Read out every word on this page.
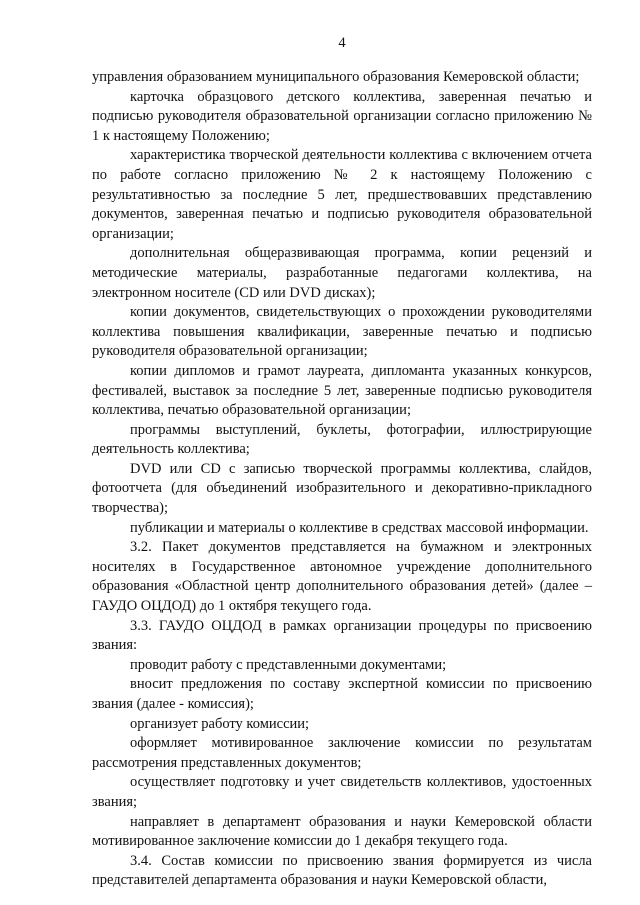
4

управления образованием муниципального образования Кемеровской области;

карточка образцового детского коллектива, заверенная печатью и подписью руководителя образовательной организации согласно приложению № 1 к настоящему Положению;

характеристика творческой деятельности коллектива с включением отчета по работе согласно приложению № 2 к настоящему Положению с результативностью за последние 5 лет, предшествовавших представлению документов, заверенная печатью и подписью руководителя образовательной организации;

дополнительная общеразвивающая программа, копии рецензий и методические материалы, разработанные педагогами коллектива, на электронном носителе (CD или DVD дисках);

копии документов, свидетельствующих о прохождении руководителями коллектива повышения квалификации, заверенные печатью и подписью руководителя образовательной организации;

копии дипломов и грамот лауреата, дипломанта указанных конкурсов, фестивалей, выставок за последние 5 лет, заверенные подписью руководителя коллектива, печатью образовательной организации;

программы выступлений, буклеты, фотографии, иллюстрирующие деятельность коллектива;

DVD или CD с записью творческой программы коллектива, слайдов, фотоотчета (для объединений изобразительного и декоративно-прикладного творчества);

публикации и материалы о коллективе в средствах массовой информации.

3.2. Пакет документов представляется на бумажном и электронных носителях в Государственное автономное учреждение дополнительного образования «Областной центр дополнительного образования детей» (далее – ГАУДО ОЦДОД) до 1 октября текущего года.

3.3. ГАУДО ОЦДОД в рамках организации процедуры по присвоению звания:

проводит работу с представленными документами;

вносит предложения по составу экспертной комиссии по присвоению звания (далее - комиссия);

организует работу комиссии;

оформляет мотивированное заключение комиссии по результатам рассмотрения представленных документов;

осуществляет подготовку и учет свидетельств коллективов, удостоенных звания;

направляет в департамент образования и науки Кемеровской области мотивированное заключение комиссии до 1 декабря текущего года.

3.4. Состав комиссии по присвоению звания формируется из числа представителей департамента образования и науки Кемеровской области,
